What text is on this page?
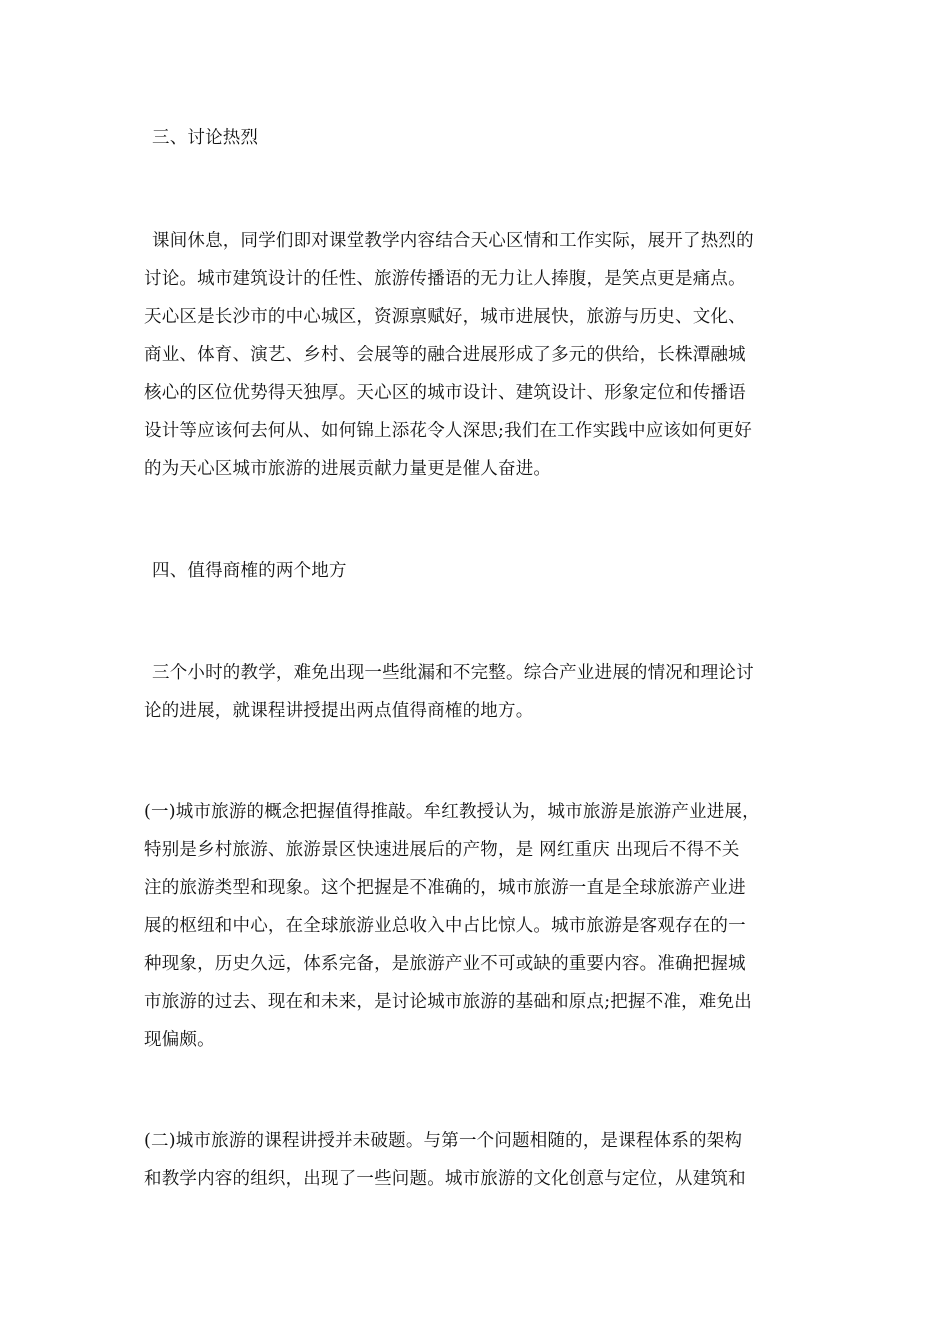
三、讨论热烈
课间休息，同学们即对课堂教学内容结合天心区情和工作实际，展开了热烈的
讨论。城市建筑设计的任性、旅游传播语的无力让人捧腹，是笑点更是痛点。
天心区是长沙市的中心城区，资源禀赋好，城市进展快，旅游与历史、文化、
商业、体育、演艺、乡村、会展等的融合进展形成了多元的供给，长株潭融城
核心的区位优势得天独厚。天心区的城市设计、建筑设计、形象定位和传播语
设计等应该何去何从、如何锦上添花令人深思;我们在工作实践中应该如何更好
的为天心区城市旅游的进展贡献力量更是催人奋进。
四、值得商榷的两个地方
三个小时的教学，难免出现一些纰漏和不完整。综合产业进展的情况和理论讨
论的进展，就课程讲授提出两点值得商榷的地方。
(一)城市旅游的概念把握值得推敲。牟红教授认为，城市旅游是旅游产业进展，
特别是乡村旅游、旅游景区快速进展后的产物，是 网红重庆 出现后不得不关
注的旅游类型和现象。这个把握是不准确的，城市旅游一直是全球旅游产业进
展的枢纽和中心，在全球旅游业总收入中占比惊人。城市旅游是客观存在的一
种现象，历史久远，体系完备，是旅游产业不可或缺的重要内容。准确把握城
市旅游的过去、现在和未来，是讨论城市旅游的基础和原点;把握不准，难免出
现偏颇。
(二)城市旅游的课程讲授并未破题。与第一个问题相随的，是课程体系的架构
和教学内容的组织，出现了一些问题。城市旅游的文化创意与定位，从建筑和
